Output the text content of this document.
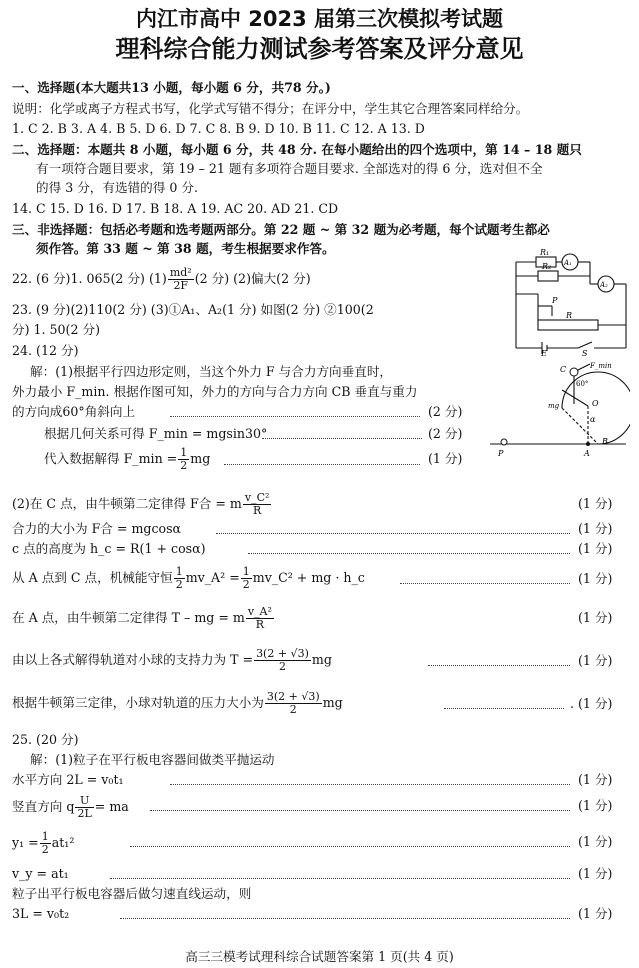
内江市高中 2023 届第三次模拟考试题
理科综合能力测试参考答案及评分意见
一、选择题(本大题共13 小题，每小题 6 分，共78 分。)
说明：化学或离子方程式书写，化学式写错不得分；在评分中，学生其它合理答案同样给分。
1. C 2. B 3. A 4. B 5. D 6. D 7. C 8. B 9. D 10. B 11. C 12. A 13. D
二、选择题：本题共 8 小题，每小题 6 分，共 48 分. 在每小题给出的四个选项中，第 14 – 18 题只
有一项符合题目要求，第 19 – 21 题有多项符合题目要求. 全部选对的得 6 分，选对但不全
的得 3 分，有选错的得 0 分.
14. C 15. D 16. D 17. B 18. A 19. AC 20. AD 21. CD
三、非选择题：包括必考题和选考题两部分。第 22 题 ~ 第 32 题为必考题，每个试题考生都必
须作答。第 33 题 ~ 第 38 题，考生根据要求作答。
22. (6 分)1. 065(2 分) $(1) \frac{\text{md²}}{2F} (2$ 分) (2)偏大(2 分)
23. (9 分)(2)110(2 分) (3)①A₁、A₂(1 分) 如图(2 分) ②100(2
分) 1. 50(2 分)
R₁
R₂ A₁
A₂
P
R
E	S
24. (12 分)
解：(1)根据平行四边形定则，当这个外力 F 与合力方向垂直时，
外力最小 F_min. 根据作图可知，外力的方向与合力方向 CB 垂直与重力
的方向成60°角斜向上	(2 分)
根据几何关系可得 F_min = mgsin30°	(2 分)
代入数据解得 F_min = $\frac{1}{2}$ mg	(1 分)
C	F_min
mg	O
α
B
P	A
60°
(2)在 C 点，由牛顿第二定律得 F合 = m $\frac{\text{v\_C²}}{R}$	(1 分)
合力的大小为 F合 = mgcosα	(1 分)
c 点的高度为 h_c = R(1 + cosα)	(1 分)
从 A 点到 C 点，机械能守恒 $\frac{1}{2}$ mv_A² = $\frac{1}{2}$ mv_C² + mg · h_c	(1 分)
在 A 点，由牛顿第二定律得 T – mg = m $\frac{\text{v\_A²}}{R}$	(1 分)
由以上各式解得轨道对小球的支持力为 $T = \frac{3(2 + √3)}{2}$ mg	(1 分)
根据牛顿第三定律，小球对轨道的压力大小为 $\frac{3(2 + √3)}{2}$ mg	. (1 分)
25. (20 分)
解：(1)粒子在平行板电容器间做类平抛运动
水平方向 2L = v₀t₁	(1 分)
竖直方向 q $\frac{U}{2L}$ = ma	(1 分)
$y_1 = \frac{1}{2} at_1^2$	(1 分)
v_y = at₁	(1 分)
粒子出平行板电容器后做匀速直线运动，则
3L = v₀t₂	(1 分)
高三三模考试理科综合试题答案第 1 页(共 4 页)
